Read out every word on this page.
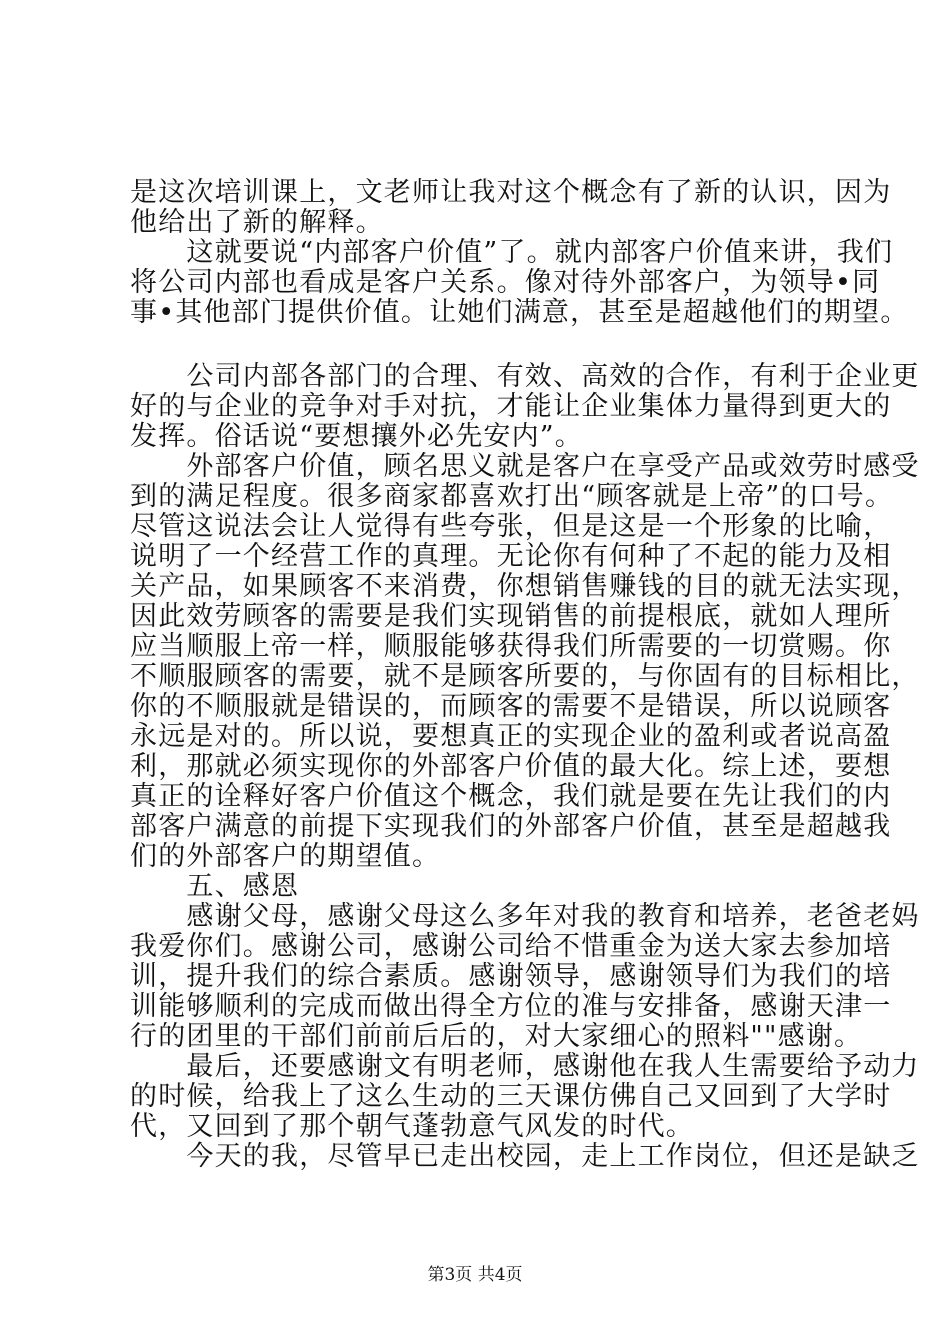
是这次培训课上，文老师让我对这个概念有了新的认识，因为
他给出了新的解释。
　　这就要说“内部客户价值”了。就内部客户价值来讲，我们
将公司内部也看成是客户关系。像对待外部客户，为领导•同
事•其他部门提供价值。让她们满意，甚至是超越他们的期望。
　　公司内部各部门的合理、有效、高效的合作，有利于企业更
好的与企业的竞争对手对抗，才能让企业集体力量得到更大的
发挥。俗话说“要想攘外必先安内”。
　　外部客户价值，顾名思义就是客户在享受产品或效劳时感受
到的满足程度。很多商家都喜欢打出“顾客就是上帝”的口号。
尽管这说法会让人觉得有些夸张，但是这是一个形象的比喻，
说明了一个经营工作的真理。无论你有何种了不起的能力及相
关产品，如果顾客不来消费，你想销售赚钱的目的就无法实现，
因此效劳顾客的需要是我们实现销售的前提根底，就如人理所
应当顺服上帝一样，顺服能够获得我们所需要的一切赏赐。你
不顺服顾客的需要，就不是顾客所要的，与你固有的目标相比，
你的不顺服就是错误的，而顾客的需要不是错误，所以说顾客
永远是对的。所以说，要想真正的实现企业的盈利或者说高盈
利，那就必须实现你的外部客户价值的最大化。综上述，要想
真正的诠释好客户价值这个概念，我们就是要在先让我们的内
部客户满意的前提下实现我们的外部客户价值，甚至是超越我
们的外部客户的期望值。
　　五、感恩
　　感谢父母，感谢父母这么多年对我的教育和培养，老爸老妈
我爱你们。感谢公司，感谢公司给不惜重金为送大家去参加培
训，提升我们的综合素质。感谢领导，感谢领导们为我们的培
训能够顺利的完成而做出得全方位的准与安排备，感谢天津一
行的团里的干部们前前后后的，对大家细心的照料""感谢。
　　最后，还要感谢文有明老师，感谢他在我人生需要给予动力
的时候，给我上了这么生动的三天课仿佛自己又回到了大学时
代，又回到了那个朝气蓬勃意气风发的时代。
　　今天的我，尽管早已走出校园，走上工作岗位，但还是缺乏
第3页 共4页
